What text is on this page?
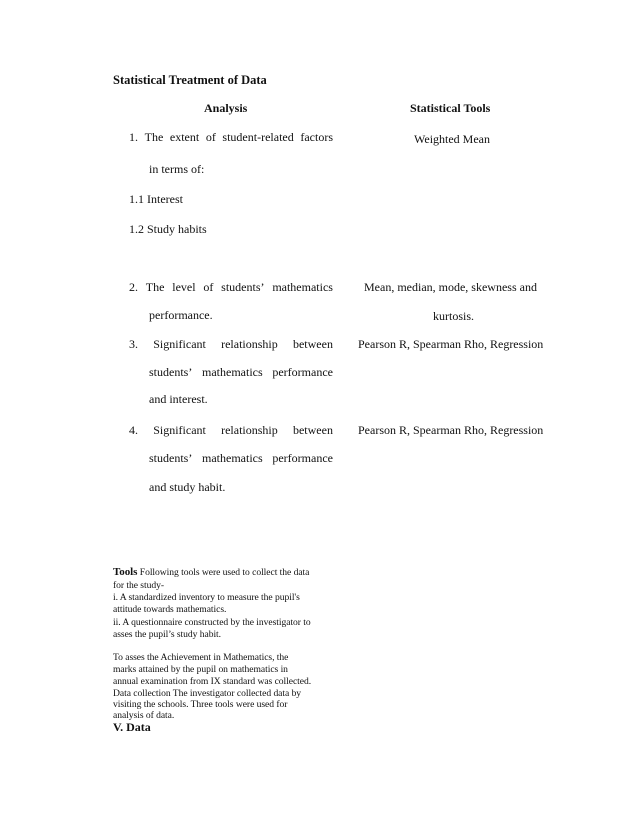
Statistical Treatment of Data
Analysis	Statistical Tools
1. The extent of student-related factors
in terms of:
1.1 Interest
1.2 Study habits
Weighted Mean
2. The level of students’ mathematics
performance.
Mean, median, mode, skewness and
kurtosis.
3. Significant relationship between
students’ mathematics performance
and interest.
Pearson R, Spearman Rho, Regression
4. Significant relationship between
students’ mathematics performance
and study habit.
Pearson R, Spearman Rho, Regression
Tools Following tools were used to collect the data
for the study-
i. A standardized inventory to measure the pupil's
attitude towards mathematics.
ii. A questionnaire constructed by the investigator to
asses the pupil’s study habit.
To asses the Achievement in Mathematics, the
marks attained by the pupil on mathematics in
annual examination from IX standard was collected.
Data collection The investigator collected data by
visiting the schools. Three tools were used for
analysis of data.
V. Data
